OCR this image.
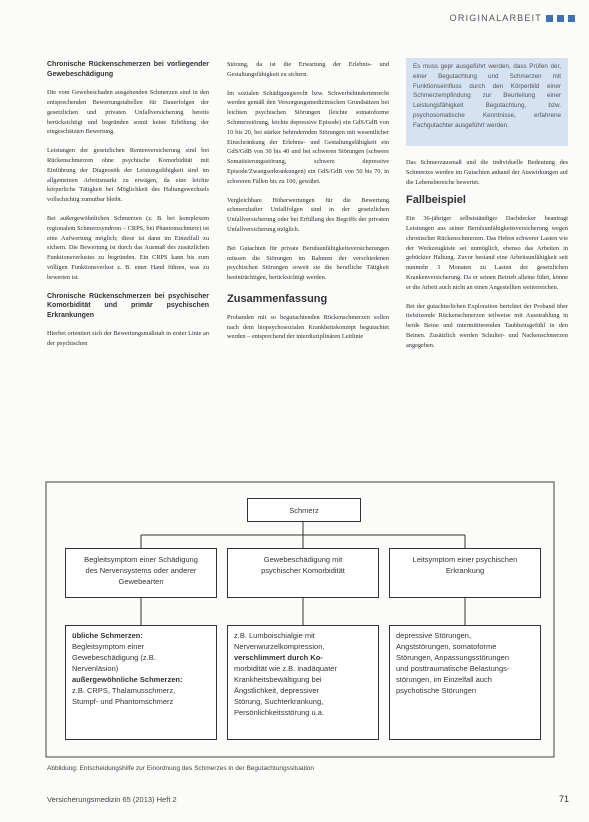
ORIGINALARBEIT
Chronische Rückenschmerzen bei vorliegender Gewebeschädigung

Die vom Gewebeschaden ausgehenden Schmerzen sind in den entsprechenden Bewertungstabellen für Dauerfolgen der gesetzlichen und privaten Unfallversicherung bereits berücksichtigt und begründen somit keine Erhöhung der eingeschätzten Bewertung.

Leistungen der gesetzlichen Rentenversicherung sind bei Rückenschmerzen ohne psychische Komorbidität mit Einführung der Diagnostik der Leistungsfähigkeit sind im allgemeinen Arbeitsmarkt zu erwägen, da eine leichte körperliche Tätigkeit bei Möglichkeit des Haltungswechsels vollschichtig zumutbar bleibt.

Bei außergewöhnlichen Schmerzen (z. B. bei komplexem regionalem Schmerzsyndrom – CRPS, bei Phantomschmerz) ist eine Aufwertung möglich; diese ist dann im Einzelfall zu sichern. Die Bewertung ist durch das Ausmaß des zusätzlichen Funktionsverlustes zu begründen. Ein CRPS kann bis zum völligen Funktionsverlust z. B. einer Hand führen, was zu bewerten ist.

Chronische Rückenschmerzen bei psychischer Komorbidität und primär psychischen Erkrankungen

Hierbei orientiert sich der Bewertungsmaßstab in erster Linie an der psychischen

Störung, da ist die Erwartung der Erlebnis- und Gestaltungsfähigkeit zu sichern.

Im sozialen Schädigungsrecht bzw. Schwerbehindertenrecht werden gemäß den Versorgungsmedizinischen Grundsätzen bei leichten psychischen Störungen (leichte somatoforme Schmerzstörung, leichte depressive Episode) ein GdS/GdB von 10 bis 20, bei stärker behindernden Störungen mit wesentlicher Einschränkung der Erlebnis- und Gestaltungsfähigkeit ein GdS/GdB von 30 bis 40 und bei schweren Störungen (schwere Somatisierungsstörung, schwere depressive Episode/Zwangserkrankungen) ein GdS/GdB von 50 bis 70, in schweren Fällen bis zu 100, gewährt.

Vergleichbare Höherwertungen für die Bewertung schmerzhafter Unfallfolgen sind in der gesetzlichen Unfallversicherung oder bei Erfüllung des Begriffs der privaten Unfallversicherung möglich.

Bei Gutachten für private Berufsunfähigkeitsversicherungen müssen die Störungen im Rahmen der verschiedenen psychischen Störungen soweit sie die berufliche Tätigkeit beeinträchtigen, berücksichtigt werden.

Zusammenfassung

Probanden mit so begutachtenden Rückenschmerzen sollen nach dem biopsychosozialen Krankheitskonzept begutachtet werden – entsprechend der interdisziplinären Leitlinie

Es muss gepr ausgeführt werden, dass Prüfen der, einer Begutachtung und Schmerzen mit Funktionseinfluss durch den Körperbild einer Schmerzempfindung zur Beurteilung einer Leistungsfähigkeit Begutachtung, bzw. psychosomatische Kenntnisse, erfahrene Fachgutachter ausgeführt werden.

Das Schmerzausmaß und die individuelle Bedeutung des Schmerzes werden im Gutachten anhand der Auswirkungen auf die Lebensbereiche bewertet.

Fallbeispiel

Ein 36-jähriger selbstständiger Dachdecker beantragt Leistungen aus seiner Berufsunfähigkeitsversicherung wegen chronischer Rückenschmerzen. Das Heben schwerer Lasten wie der Werkzeugkiste sei unmöglich, ebenso das Arbeiten in gebückter Haltung. Zuvor bestand eine Arbeitsunfähigkeit seit nunmehr 3 Monaten zu Lasten der gesetzlichen Krankenversicherung. Da er seinen Betrieb alleine führt, könne er die Arbeit auch nicht an einen Angestellten weiterreichen.

Bei der gutachterlichen Exploration berichtet der Proband über tiefsitzende Rückenschmerzen teilweise mit Ausstrahlung in beide Beine und intermittierenden Taubheitsgefühl in den Beinen. Zusätzlich werden Schulter- und Nackenschmerzen angegeben.

Schmerz

Begleitsymptom einer Schädigung

des Nervensystems oder anderer

Gewebearten

Gewebeschädigung mit

psychischer Komorbidität

Leitsymptom einer psychischen

Erkrankung

übliche Schmerzen:

Begleitsymptom einer

Gewebeschädigung (z.B.

Nervenläsion)

außergewöhnliche Schmerzen:

z.B. CRPS, Thalamusschmerz,

Stumpf- und Phantomschmerz

z.B. Lumboischialgie mit

Nervenwurzelkompression,

verschlimmert durch Ko-

morbidität wie z.B. inadäquater

Krankheitsbewältigung bei

Ängstlichkeit, depressiver

Störung, Suchterkrankung,

Persönlichkeitsstörung u.a.

depressive Störungen,

Angststörungen, somatoforme

Störungen, Anpassungsstörungen

und posttraumatische Belastungs-

störungen, im Einzelfall auch

psychotische Störungen

Abbildung: Entscheidungshilfe zur Einordnung des Schmerzes in der Begutachtungssituation
Versicherungsmedizin 65 (2013) Heft 2	71
